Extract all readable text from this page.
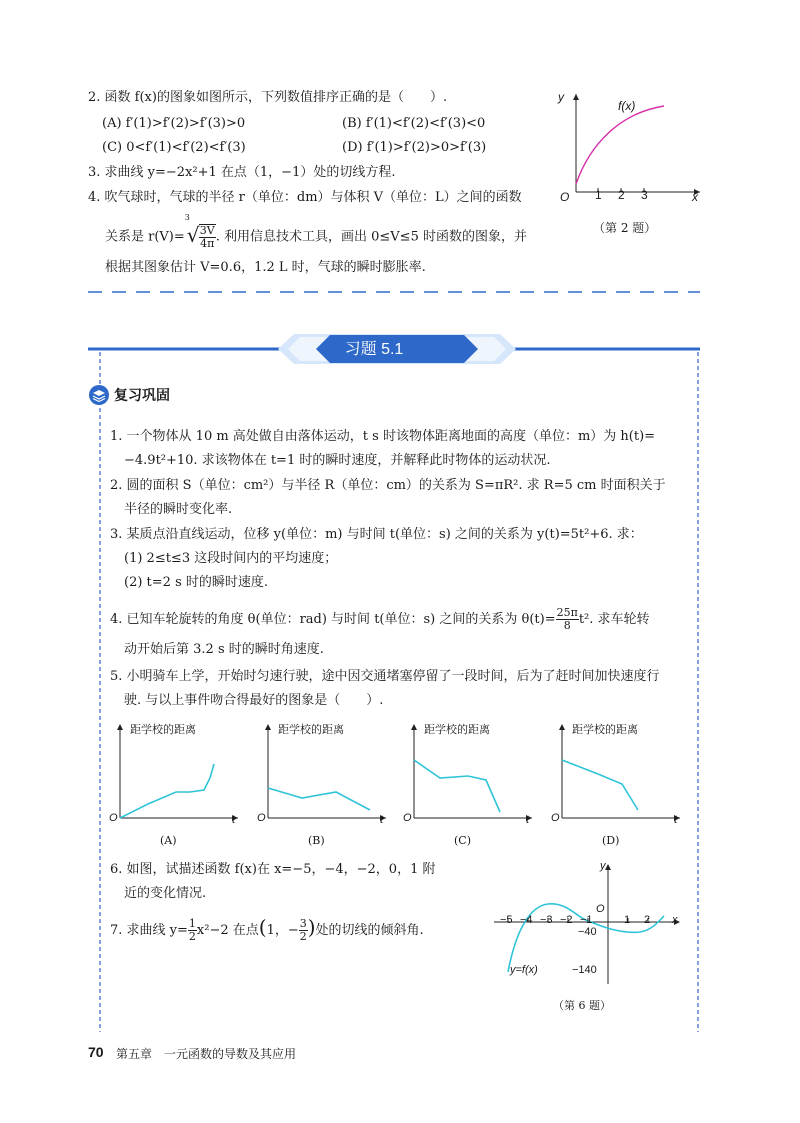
2. 函数 f(x)的图象如图所示，下列数值排序正确的是（　　）.
(A) f′(1)>f′(2)>f′(3)>0	(B) f′(1)<f′(2)<f′(3)<0
(C) 0<f′(1)<f′(2)<f′(3)	(D) f′(1)>f′(2)>0>f′(3)
3. 求曲线 y=−2x²+1 在点（1，−1）处的切线方程.
4. 吹气球时，气球的半径 r（单位：dm）与体积 V（单位：L）之间的函数
关系是 r(V)=
3
√ $\frac{3V}{4\pi}$ . 利用信息技术工具，画出 0≤V≤5 时函数的图象，并
根据其图象估计 V=0.6，1.2 L 时，气球的瞬时膨胀率.
y
f(x)
O 1 2 3	x
（第 2 题）
习题 5.1
复习巩固
1. 一个物体从 10 m 高处做自由落体运动，t s 时该物体距离地面的高度（单位：m）为 h(t)=
−4.9t²+10. 求该物体在 t=1 时的瞬时速度，并解释此时物体的运动状况.
2. 圆的面积 S（单位：cm²）与半径 R（单位：cm）的关系为 S=πR². 求 R=5 cm 时面积关于
半径的瞬时变化率.
3. 某质点沿直线运动，位移 y(单位：m) 与时间 t(单位：s) 之间的关系为 y(t)=5t²+6. 求：
(1) 2≤t≤3 这段时间内的平均速度；
(2) t=2 s 时的瞬时速度.
4. 已知车轮旋转的角度 θ(单位：rad) 与时间 t(单位：s) 之间的关系为 $\theta(t)= \frac{25\pi}{8} t^2$. 求车轮转
动开始后第 3.2 s 时的瞬时角速度.
5. 小明骑车上学，开始时匀速行驶，途中因交通堵塞停留了一段时间，后为了赶时间加快速度行
驶. 与以上事件吻合得最好的图象是（　　）.
距学校的距离	距学校的距离	距学校的距离	距学校的距离
O	O	O	O
t	t	t	t
(A)	(B)	(C)	(D)
6. 如图，试描述函数 f(x)在 x=−5，−4，−2，0，1 附
近的变化情况.
7. 求曲线 $y= \frac{1}{2} x^2-2$ 在点(1，− $\frac{3}{2}$ )处的切线的倾斜角.
y
O
−5 −4 −3 −2 −1	1 2 x
−40
−140
y=f(x)
（第 6 题）
70 第五章　一元函数的导数及其应用
